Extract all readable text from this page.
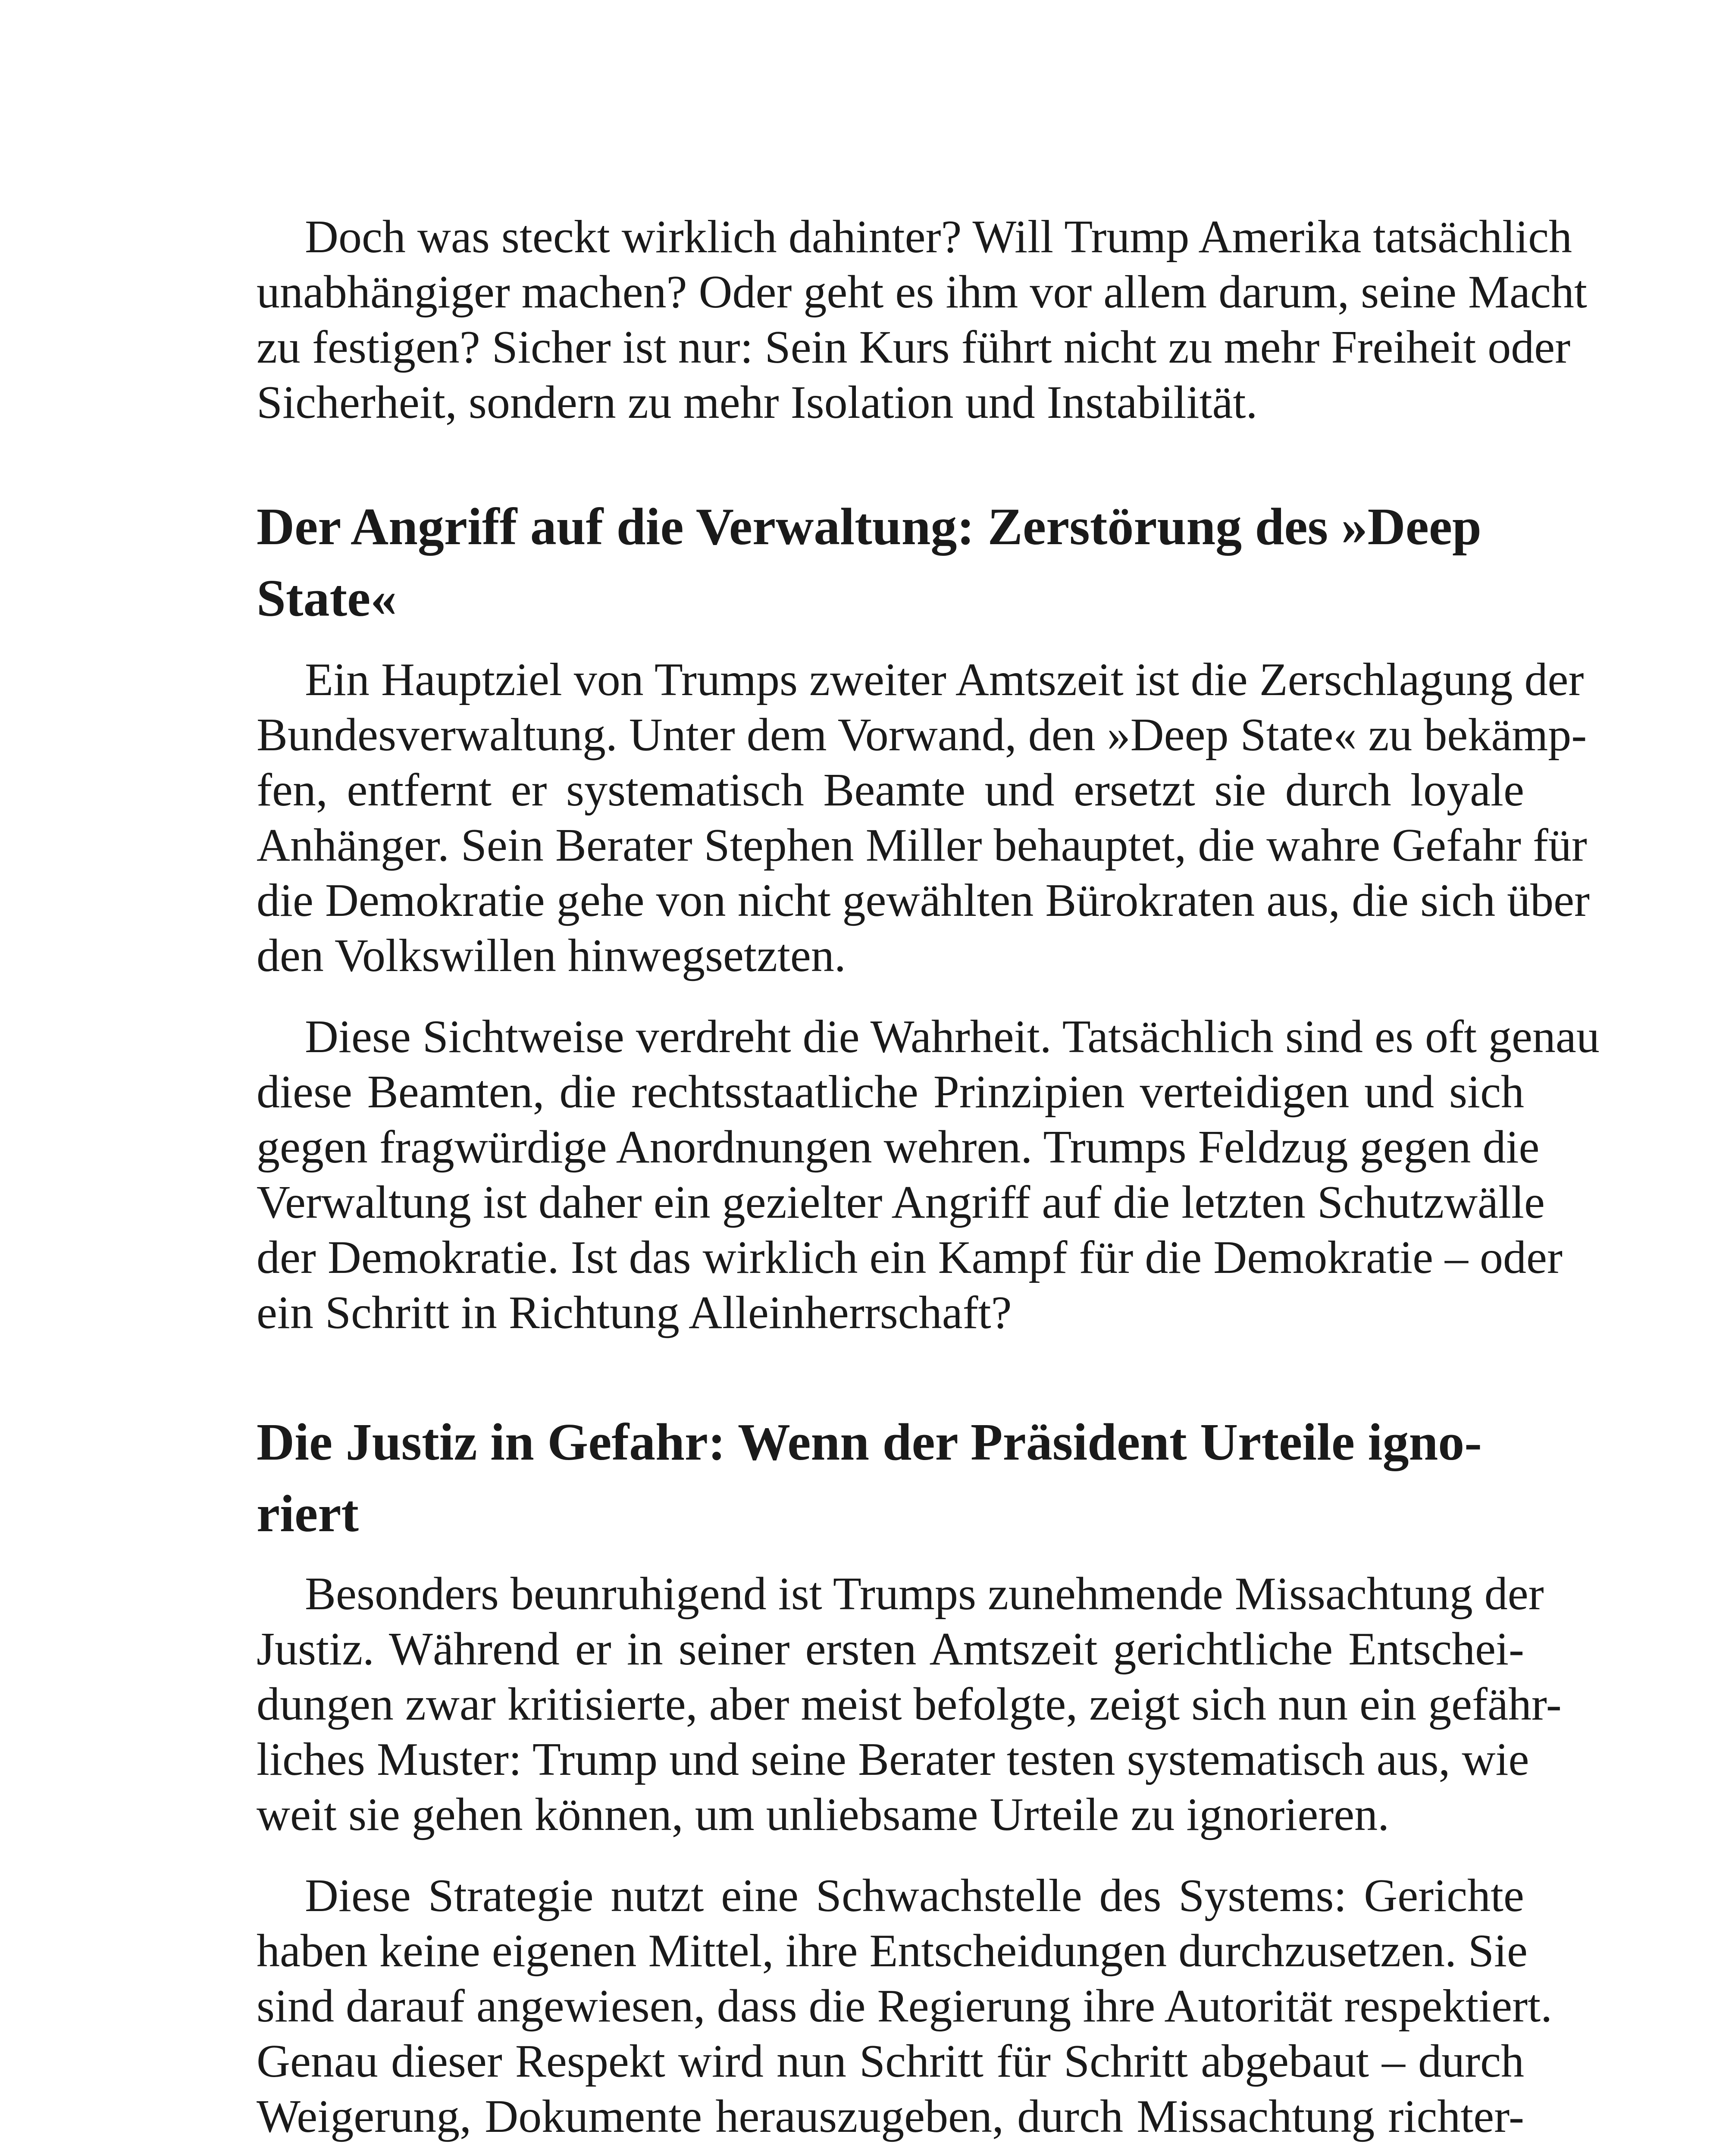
Doch was steckt wirklich dahinter? Will Trump Amerika tatsächlich
unabhängiger machen? Oder geht es ihm vor allem darum, seine Macht
zu festigen? Sicher ist nur: Sein Kurs führt nicht zu mehr Freiheit oder
Sicherheit, sondern zu mehr Isolation und Instabilität.
Der Angriff auf die Verwaltung: Zerstörung des »Deep
State«
Ein Hauptziel von Trumps zweiter Amtszeit ist die Zerschlagung der
Bundesverwaltung. Unter dem Vorwand, den »Deep State« zu bekämp-
fen, entfernt er systematisch Beamte und ersetzt sie durch loyale
Anhänger. Sein Berater Stephen Miller behauptet, die wahre Gefahr für
die Demokratie gehe von nicht gewählten Bürokraten aus, die sich über
den Volkswillen hinwegsetzten.
Diese Sichtweise verdreht die Wahrheit. Tatsächlich sind es oft genau
diese Beamten, die rechtsstaatliche Prinzipien verteidigen und sich
gegen fragwürdige Anordnungen wehren. Trumps Feldzug gegen die
Verwaltung ist daher ein gezielter Angriff auf die letzten Schutzwälle
der Demokratie. Ist das wirklich ein Kampf für die Demokratie – oder
ein Schritt in Richtung Alleinherrschaft?
Die Justiz in Gefahr: Wenn der Präsident Urteile igno-
riert
Besonders beunruhigend ist Trumps zunehmende Missachtung der
Justiz. Während er in seiner ersten Amtszeit gerichtliche Entschei-
dungen zwar kritisierte, aber meist befolgte, zeigt sich nun ein gefähr-
liches Muster: Trump und seine Berater testen systematisch aus, wie
weit sie gehen können, um unliebsame Urteile zu ignorieren.
Diese Strategie nutzt eine Schwachstelle des Systems: Gerichte
haben keine eigenen Mittel, ihre Entscheidungen durchzusetzen. Sie
sind darauf angewiesen, dass die Regierung ihre Autorität respektiert.
Genau dieser Respekt wird nun Schritt für Schritt abgebaut – durch
Weigerung, Dokumente herauszugeben, durch Missachtung richter-
